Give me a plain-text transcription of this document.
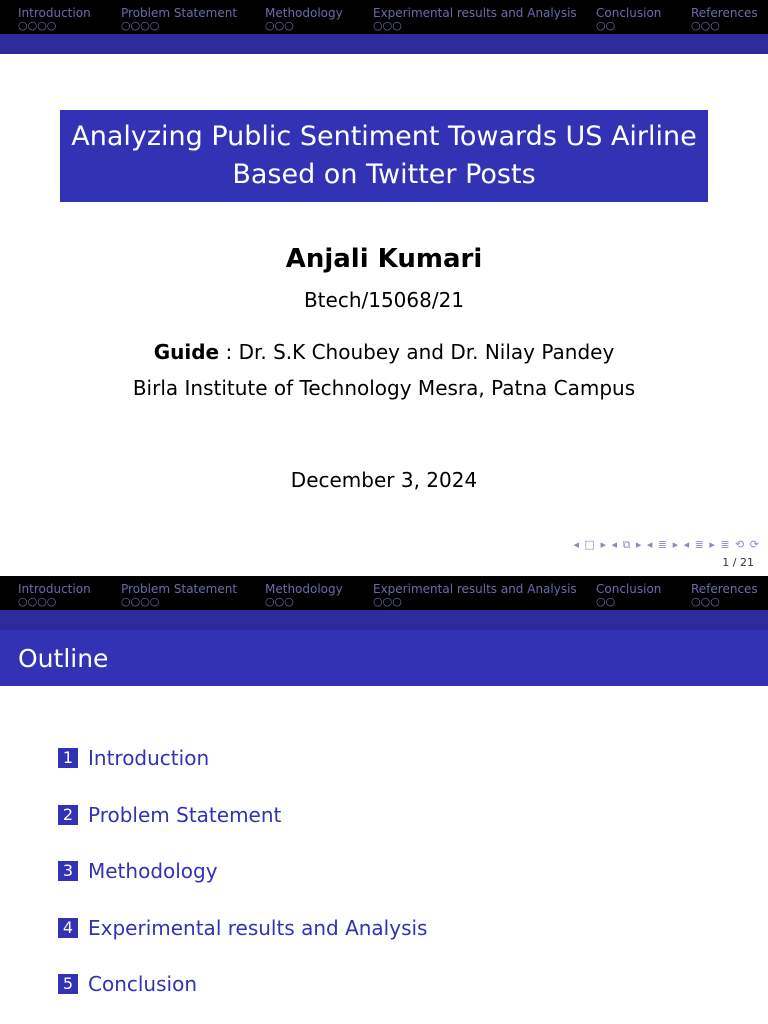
Introduction
○○○○
Problem Statement
○○○○
Methodology
○○○
Experimental results and Analysis
○○○
Conclusion
○○
References
○○○
Analyzing Public Sentiment Towards US Airline Based on Twitter Posts
Anjali Kumari
Btech/15068/21
Guide : Dr. S.K Choubey and Dr. Nilay Pandey
Birla Institute of Technology Mesra, Patna Campus
December 3, 2024
◂ □ ▸ ◂ ⧉ ▸ ◂ ≣ ▸ ◂ ≣ ▸ ≣ ⟲ ⟳
1 / 21
Introduction
○○○○
Problem Statement
○○○○
Methodology
○○○
Experimental results and Analysis
○○○
Conclusion
○○
References
○○○
Outline
1 Introduction
2 Problem Statement
3 Methodology
4 Experimental results and Analysis
5 Conclusion
